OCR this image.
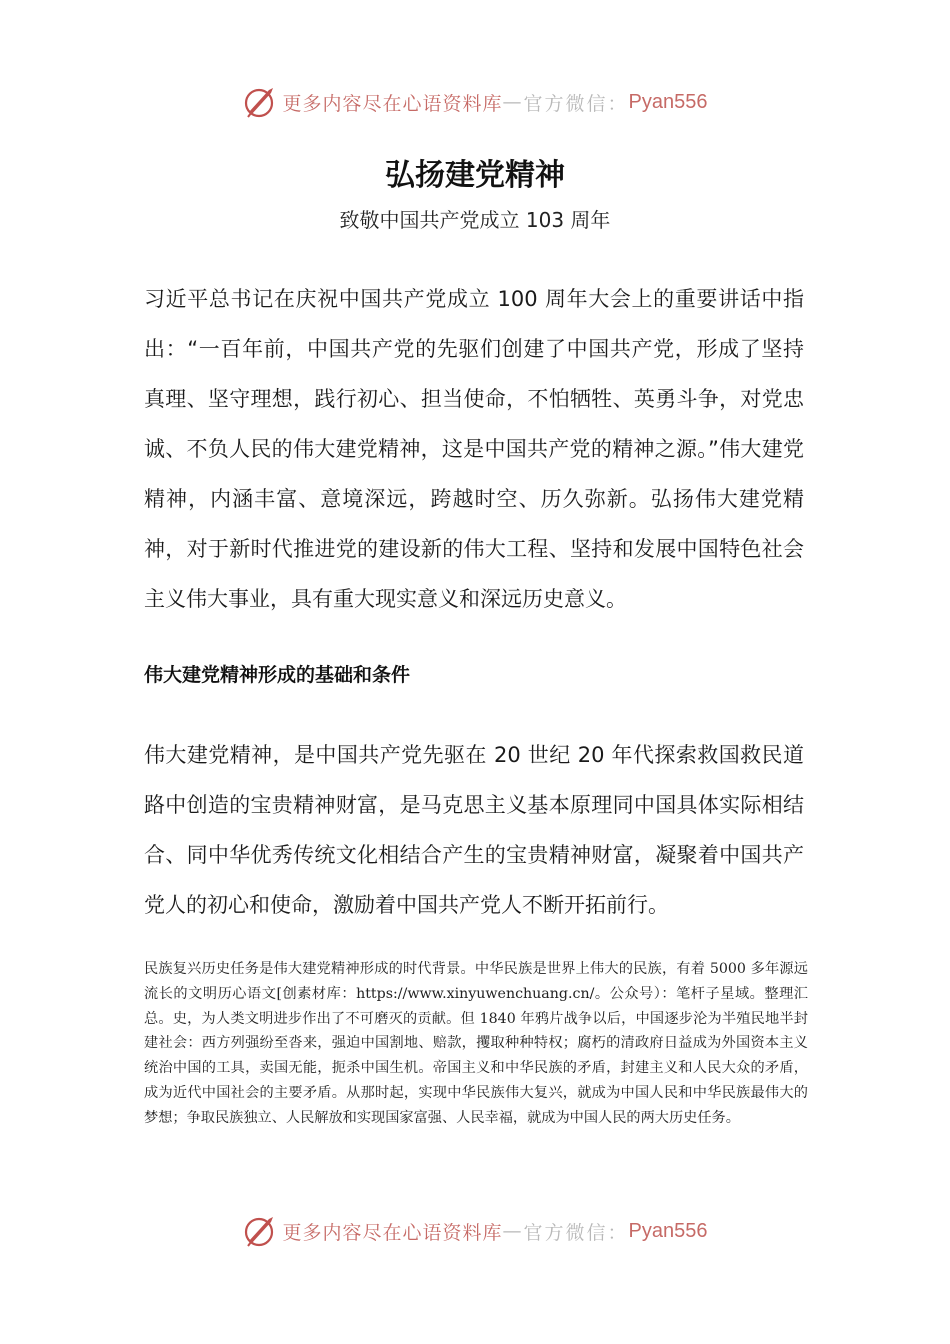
更多内容尽在心语资料库 — 官方微信： Pyan556
弘扬建党精神

致敬中国共产党成立 103 周年

习近平总书记在庆祝中国共产党成立 100 周年大会上的重要讲话中指出：“一百年前，中国共产党的先驱们创建了中国共产党，形成了坚持真理、坚守理想，践行初心、担当使命，不怕牺牲、英勇斗争，对党忠诚、不负人民的伟大建党精神，这是中国共产党的精神之源。”伟大建党精神，内涵丰富、意境深远，跨越时空、历久弥新。弘扬伟大建党精神，对于新时代推进党的建设新的伟大工程、坚持和发展中国特色社会主义伟大事业，具有重大现实意义和深远历史意义。

伟大建党精神形成的基础和条件

伟大建党精神，是中国共产党先驱在 20 世纪 20 年代探索救国救民道路中创造的宝贵精神财富，是马克思主义基本原理同中国具体实际相结合、同中华优秀传统文化相结合产生的宝贵精神财富，凝聚着中国共产党人的初心和使命，激励着中国共产党人不断开拓前行。

民族复兴历史任务是伟大建党精神形成的时代背景。中华民族是世界上伟大的民族，有着 5000 多年源远流长的文明历心语文[创素材库：https://www.xinyuwenchuang.cn/。公众号）：笔杆子星域。整理汇总。史，为人类文明进步作出了不可磨灭的贡献。但 1840 年鸦片战争以后，中国逐步沦为半殖民地半封建社会：西方列强纷至沓来，强迫中国割地、赔款，攫取种种特权；腐朽的清政府日益成为外国资本主义统治中国的工具，卖国无能，扼杀中国生机。帝国主义和中华民族的矛盾，封建主义和人民大众的矛盾，成为近代中国社会的主要矛盾。从那时起，实现中华民族伟大复兴，就成为中国人民和中华民族最伟大的梦想；争取民族独立、人民解放和实现国家富强、人民幸福，就成为中国人民的两大历史任务。

更多内容尽在心语资料库 — 官方微信： Pyan556
